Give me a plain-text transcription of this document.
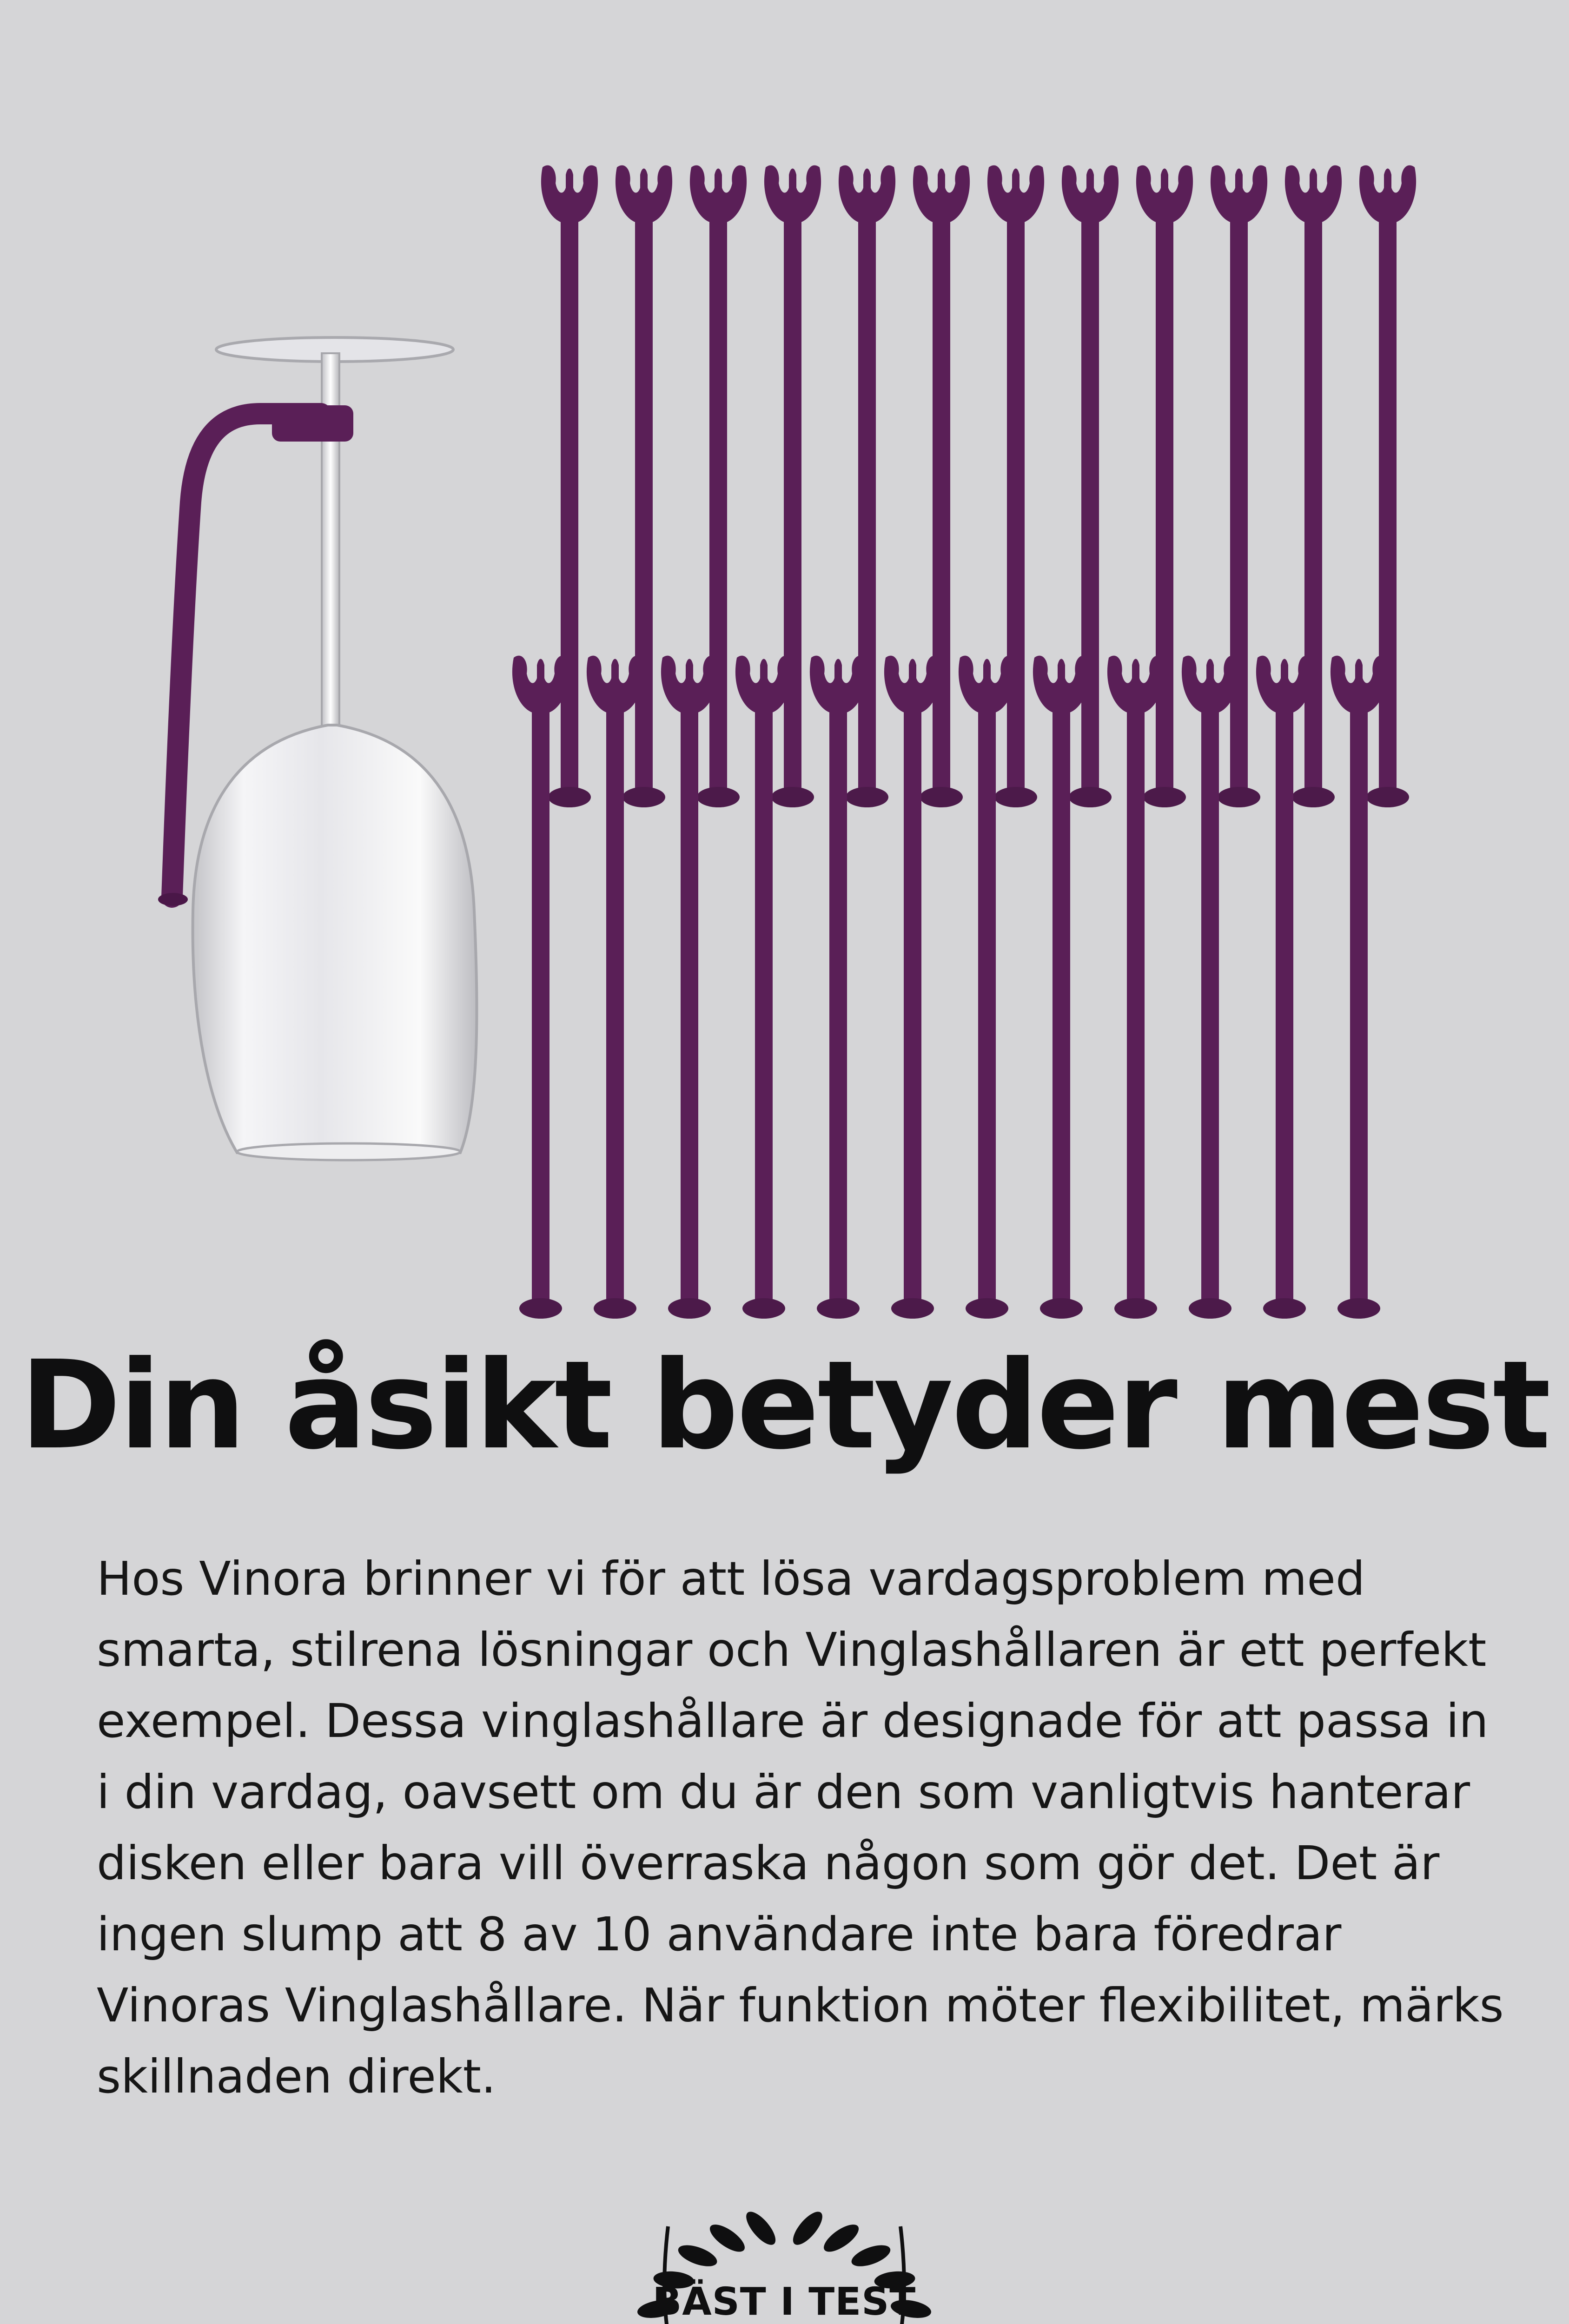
Din åsikt betyder mest

Hos Vinora brinner vi för att lösa vardagsproblem med smarta, stilrena lösningar och Vinglashållaren är ett perfekt exempel. Dessa vinglashållare är designade för att passa in i din vardag, oavsett om du är den som vanligtvis hanterar disken eller bara vill överraska någon som gör det. Det är ingen slump att 8 av 10 användare inte bara föredrar Vinoras Vinglashållare. När funktion möter flexibilitet, märks skillnaden direkt.

BÄST I TEST
